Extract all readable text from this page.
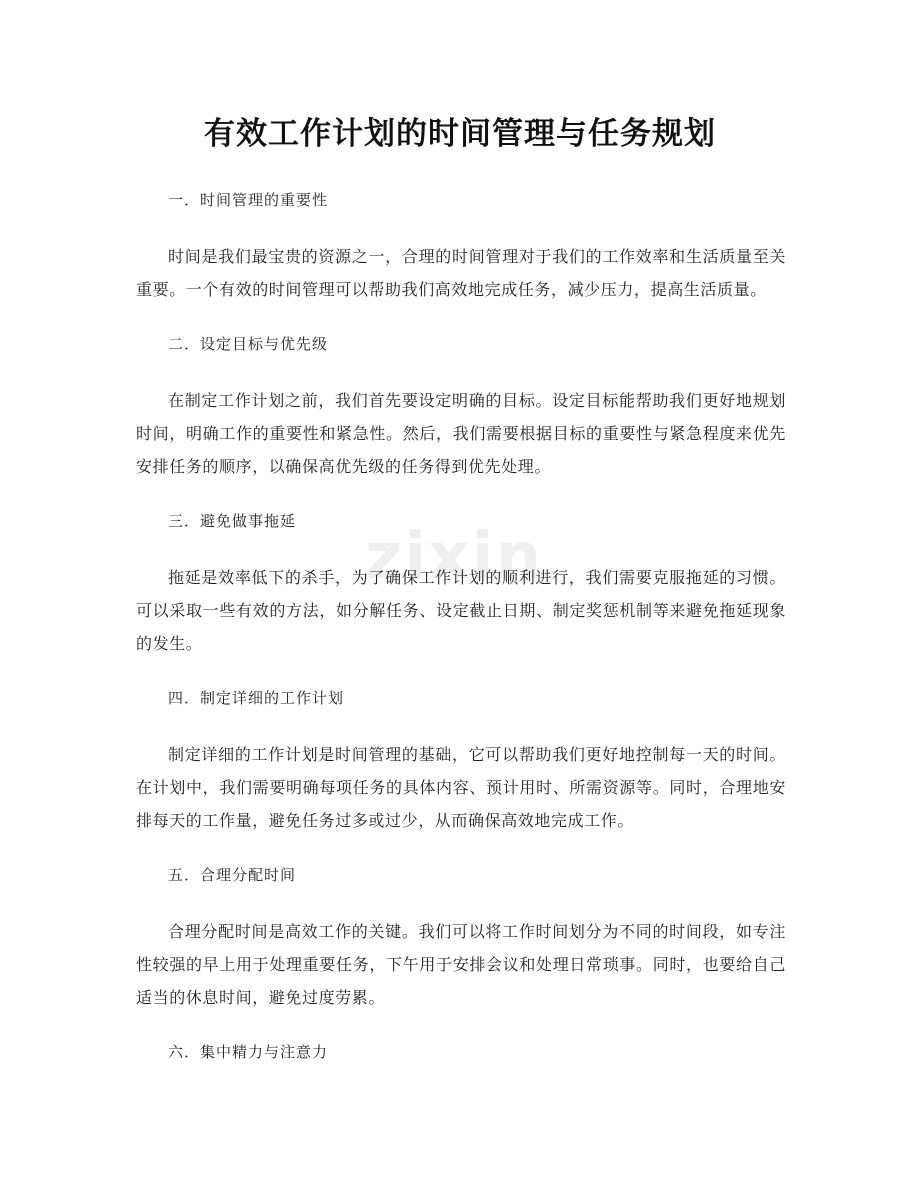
有效工作计划的时间管理与任务规划
zixin
一．时间管理的重要性

时间是我们最宝贵的资源之一，合理的时间管理对于我们的工作效率和生活质量至关重要。一个有效的时间管理可以帮助我们高效地完成任务，减少压力，提高生活质量。

二．设定目标与优先级

在制定工作计划之前，我们首先要设定明确的目标。设定目标能帮助我们更好地规划时间，明确工作的重要性和紧急性。然后，我们需要根据目标的重要性与紧急程度来优先安排任务的顺序，以确保高优先级的任务得到优先处理。

三．避免做事拖延

拖延是效率低下的杀手，为了确保工作计划的顺利进行，我们需要克服拖延的习惯。可以采取一些有效的方法，如分解任务、设定截止日期、制定奖惩机制等来避免拖延现象的发生。

四．制定详细的工作计划

制定详细的工作计划是时间管理的基础，它可以帮助我们更好地控制每一天的时间。在计划中，我们需要明确每项任务的具体内容、预计用时、所需资源等。同时，合理地安排每天的工作量，避免任务过多或过少，从而确保高效地完成工作。

五．合理分配时间

合理分配时间是高效工作的关键。我们可以将工作时间划分为不同的时间段，如专注性较强的早上用于处理重要任务，下午用于安排会议和处理日常琐事。同时，也要给自己适当的休息时间，避免过度劳累。

六．集中精力与注意力
